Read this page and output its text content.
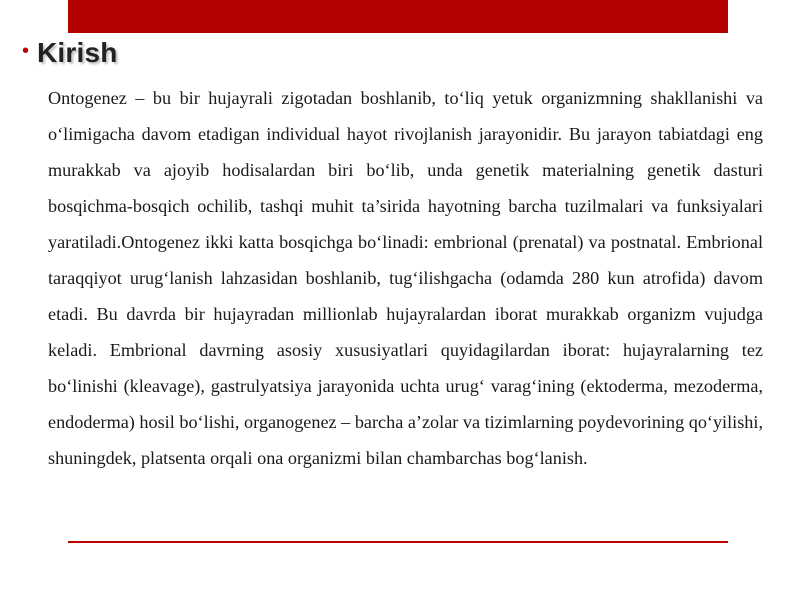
• Kirish

Ontogenez – bu bir hujayrali zigotadan boshlanib, to‘liq yetuk organizmning shakllanishi va o‘limigacha davom etadigan individual hayot rivojlanish jarayonidir. Bu jarayon tabiatdagi eng murakkab va ajoyib hodisalardan biri bo‘lib, unda genetik materialning genetik dasturi bosqichma-bosqich ochilib, tashqi muhit ta’sirida hayotning barcha tuzilmalari va funksiyalari yaratiladi.Ontogenez ikki katta bosqichga bo‘linadi: embrional (prenatal) va postnatal. Embrional taraqqiyot urug‘lanish lahzasidan boshlanib, tug‘ilishgacha (odamda 280 kun atrofida) davom etadi. Bu davrda bir hujayradan millionlab hujayralardan iborat murakkab organizm vujudga keladi. Embrional davrning asosiy xususiyatlari quyidagilardan iborat: hujayralarning tez bo‘linishi (kleavage), gastrulyatsiya jarayonida uchta urug‘ varag‘ining (ektoderma, mezoderma, endoderma) hosil bo‘lishi, organogenez – barcha a’zolar va tizimlarning poydevorining qo‘yilishi, shuningdek, platsenta orqali ona organizmi bilan chambarchas bog‘lanish.
